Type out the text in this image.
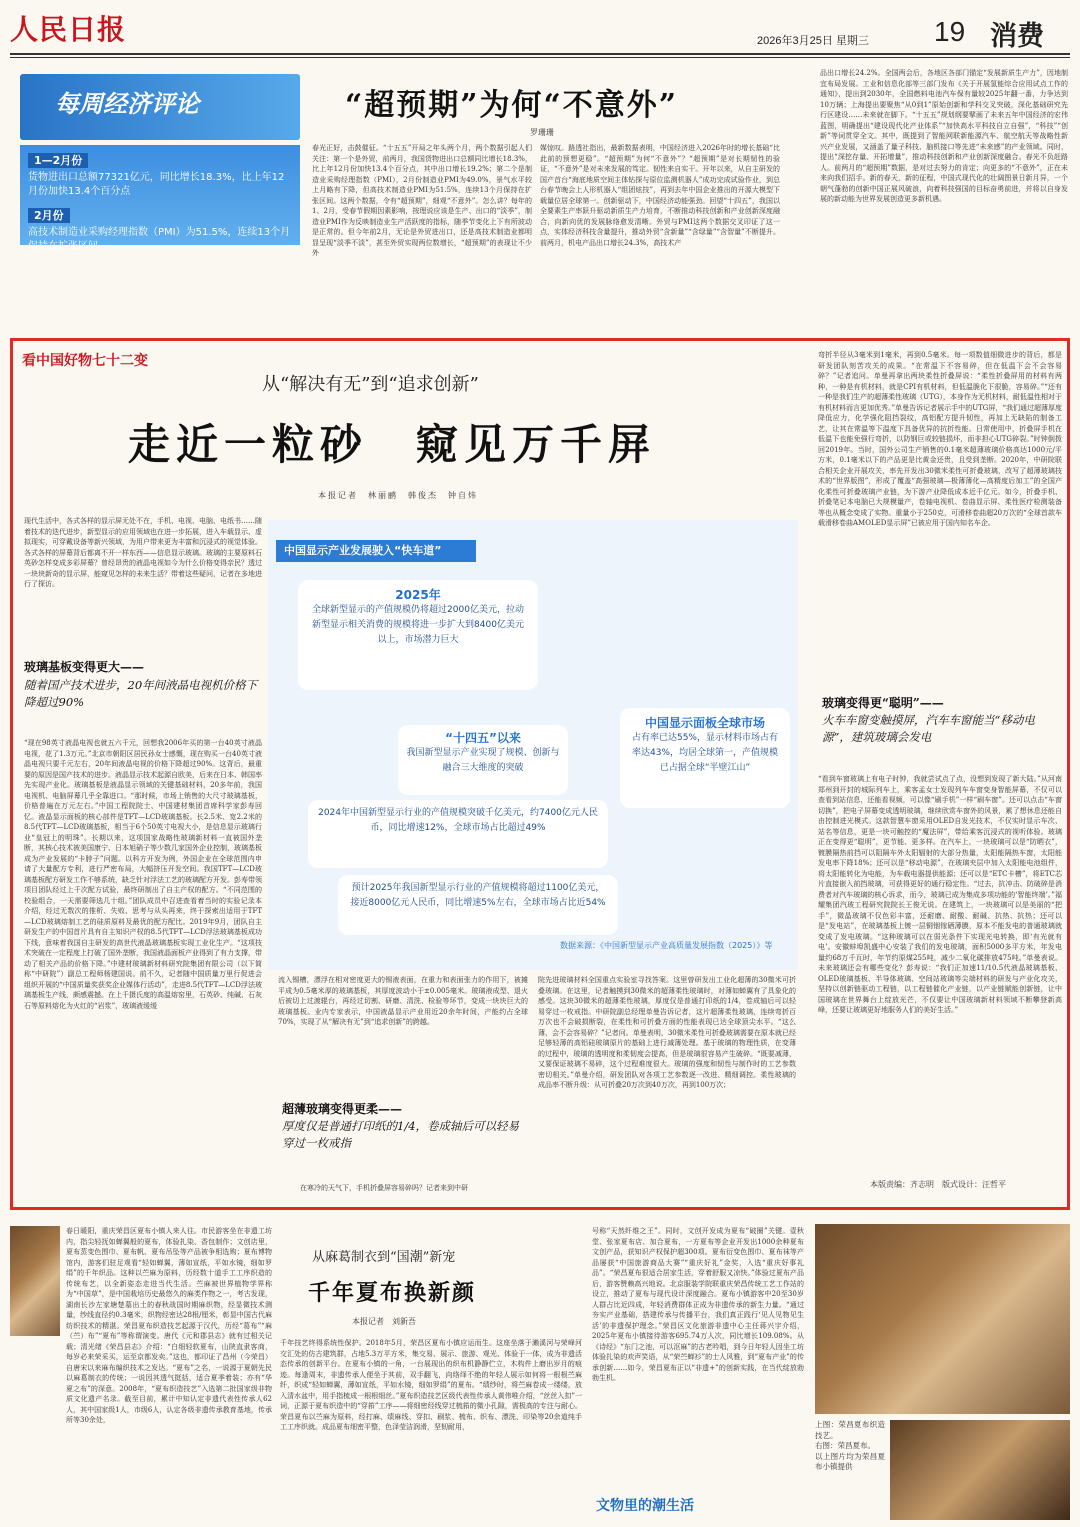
人民日报	2026年3月25日 星期三 19 消费
每周经济评论
1—2月份
货物进出口总额77321亿元，同比增长18.3%，比上年12月份加快13.4个百分点
2月份
高技术制造业采购经理指数（PMI）为51.5%，连续13个月保持在扩张区间
“超预期”为何“不意外”
罗珊珊
春光正好，击鼓催征。“十五五”开局之年头两个月，两个数据引起人们关注：第一个是外贸，前两月，我国货物进出口总额同比增长18.3%，比上年12月份加快13.4个百分点，其中出口增长19.2%；第二个是制造业采购经理指数（PMI），2月份制造业PMI为49.0%，景气水平较上月略有下降，但高技术制造业PMI为51.5%，连续13个月保持在扩张区间。这两个数据，令有“超预期”，细观“不意外”。怎么讲？每年的1、2月，受春节假期因素影响，按理说应该是生产、出口的“淡季”，制造业PMI作为反映制造业生产活跃度的指标，随季节变化上下有所波动是正常的。但今年前2月，无论是外贸进出口，还是高技术制造业都明显呈现“淡季不淡”，甚至外贸实现两位数增长，“超预期”的表现让不少外
媒惊叹。路透社指出，最新数据表明，中国经济进入2026年时的增长基础“比此前的预想更稳”。“超预期”为何“不意外”？“超预期”是对长期韧性的验证，“不意外”是对未来发展的笃定。韧性来自实干。开年以来，从自主研发的国产首台“海底地质空间主体钻探与原位监测机器人”成功完成试验作业，到总台春节晚会上人形机器人“组团炫技”，再到去年中国企业推出的开源大模型下载量位居全球第一。创新驱动下，中国经济动能强劲。回望“十四五”，我国以全要素生产率跃升驱动新质生产力培育，不断推动科技创新和产业创新深度融合，向新向优的发展脉络愈发清晰。外贸与PMI这两个数据交叉印证了这一点，实体经济科技含量提升，推动外贸“含新量”“含绿量”“含智量”不断提升。前两月，机电产品出口增长24.3%，高技术产
品出口增长24.2%。全国两会后，各地区各部门锚定“发展新质生产力”，因地制宜布局发展。工业和信息化部等三部门发布《关于开展氢能综合应用试点工作的通知》，提出到2030年，全国燃料电池汽车保有量较2025年翻一番，力争达到10万辆；上海提出要聚焦“从0到1”原始创新和学科交叉突破，深化基础研究先行区建设……未来就在脚下。“十五五”规划纲要擘画了未来五年中国经济的宏伟蓝图，明确提出“建设现代化产业体系”“加快高水平科技自立自强”，“科技”“创新”等词贯穿全文。其中，既提到了智能网联新能源汽车、航空航天等战略性新兴产业发展，又涵盖了量子科技、脑机接口等先进“未来感”的产业领域。同时，提出“深挖存量、开拓增量”，推动科技创新和产业创新深度融合。春光不负赶路人。前两月的“超预期”数据，是对过去努力的肯定；向更多的“不意外”，正在未来向我们招手。新的春天，新的征程，中国式现代化的壮阔图景日新月异，一个朝气蓬勃的创新中国正展风破浪，向着科技强国的目标奋勇前进，并将以自身发展的新动能为世界发展创造更多新机遇。
看中国好物七十二变
从“解决有无”到“追求创新”
走近一粒砂　窥见万千屏
本报记者　林丽鹂　韩俊杰　钟自炜
现代生活中，各式各样的显示屏无处不在，手机、电视、电脑、电纸书……随着技术的迭代进步，新型显示的应用领域也在进一步拓展，进入车载显示、虚拟现实，可穿戴设备等新兴领域，为用户带来更为丰富和沉浸式的视觉体验。各式各样的屏幕背后都离不开一样东西——信息显示玻璃。玻璃的主要原料石英砂怎样变成多彩屏幕？曾经昂贵的液晶电视如今为什么价格变得亲民？透过一块块新奇的显示屏，能窥见怎样的未来生活？带着这些疑问，记者在多地进行了探访。
玻璃基板变得更大——
随着国产技术进步，20年间液晶电视机价格下降超过90%
“现在98英寸液晶电视也就五六千元，回想我2006年买的第一台40英寸液晶电视，花了1.3万元。”北京市朝阳区居民孙女士感慨，现在购买一台40英寸液晶电视只要千元左右，20年间液晶电视的价格下降超过90%。这背后，最重要的原因是国产技术的进步。液晶显示技术起源自欧美，后来在日本、韩国率先实现产业化。玻璃基板是液晶显示领域的关键基础材料，20多年前，我国电视机、电脑屏幕几乎全靠进口。“那时候，市场上销售的大尺寸玻璃基板，价格普遍在万元左右。”中国工程院院士、中国建材集团首席科学家彭寿回忆。液晶显示面板的核心部件是TFT—LCD玻璃基板。长2.5米、宽2.2米的8.5代TFT—LCD玻璃基板，相当于6个50英寸电视大小，是信息显示玻璃行业“皇冠上的明珠”。长期以来，这项国家战略性玻璃新材料一直被国外垄断，其核心技术被美国康宁、日本旭硝子等少数几家国外企业控制，玻璃基板成为产业发展的“卡脖子”问题。以科方开发为例，外国企业在全球范围内申请了大量配方专利，进行严密布局，大幅挤压开发空间。我国TFT—LCD玻璃基板配方研发工作不够系统，缺乏针对浮法工艺的玻璃配方开发。彭寿带领项目团队经过上千次配方试验，最终研制出了自主产权的配方。“不同范围的校验组合，一天需要筛选几十组。”团队成员中召进查看着当时的实验记录本介绍，经过无数次的推析、失败、思考与从头再来，终于探索出适用于TFT—LCD玻璃熔制工艺的硅质原料及最优的配方配比。2019年9月，团队自主研发生产的中国首片具有自主知识产权的8.5代TFT—LCD浮法玻璃基板成功下线，意味着我国自主研发的高世代液晶玻璃基板实现工业化生产。“这项技术突破在一定程度上打破了国外垄断，我国液晶面板产业得到了有力支撑，带动了相关产品的价格下降。”中建材玻璃新材料研究院集团有限公司（以下简称“中研院”）副总工程师杨建国说。前不久，记者随中国质量万里行促进会组织开展的“中国质量奖获奖企业媒体行活动”，走进8.5代TFT—LCD浮法玻璃基板生产线，颇感震撼。在上千摄氏度的高温熔窑里，石英砂、纯碱、石灰石等原料熔化为火红的“岩浆”，玻璃液缓缓
中国显示产业发展驶入“快车道”
2025年
全球新型显示的产值规模仍将超过2000亿美元，拉动新型显示相关消费的规模将进一步扩大到8400亿美元以上，市场潜力巨大
中国显示面板全球市场
占有率已达55%，显示材料市场占有率达43%，均居全球第一，产值规模已占据全球“半壁江山”
“十四五”以来
我国新型显示产业实现了规模、创新与融合三大维度的突破
2024年中国新型显示行业的产值规模突破千亿美元，约7400亿元人民币，同比增速12%，全球市场占比超过49%
预计2025年我国新型显示行业的产值规模将超过1100亿美元，接近8000亿元人民币，同比增速5%左右，全球市场占比近54%
数据来源：《中国新型显示产业高质量发展指数（2025）》等
流入锡槽，漂浮在相对密度更大的锡液表面，在重力和表面张力的作用下，被摊平成为0.5毫米厚的玻璃基板，其厚度波动小于±0.005毫米。玻璃液成型、退火后被切上过渡辊台，再经过切割、研磨、清洗、检验等环节，变成一块块巨大的玻璃基板。业内专家表示，中国液晶显示产业用近20余年时间，产能约占全球70%，实现了从“解决有无”到“追求创新”的跨越。
超薄玻璃变得更柔——
厚度仅是普通打印纸的1/4，卷成轴后可以轻易穿过一枚戒指
在寒冷的天气下，手机折叠屏容易碎吗？记者来到中研
院先进玻璃材料全国重点实验室寻找答案。这里曾研发出工业化超薄的30微米可折叠玻璃。在这里，记者触摸到30微米的超薄柔性玻璃时，对薄如蝉翼有了具象化的感受。这块30微米的超薄柔性玻璃，厚度仅是普通打印纸的1/4，卷成轴后可以轻易穿过一枚戒指。中研院副总经理单曼告诉记者，这片超薄柔性玻璃，连续弯折百万次也不会破损断裂，在柔性和可折叠方面的性能表现已达全球顶尖水平。“这么薄，会不会容易碎？”记者问。单曼表明，30微米柔性可折叠玻璃需要在原本就已经足够轻薄的高铝硅玻璃原片的基础上进行减薄处理。基于玻璃的物理性质，在变薄的过程中，玻璃的透明度和柔韧度会提高，但是玻璃很容易产生破碎。“既要减薄，又要保证玻璃不易碎，这个过程难度很大。玻璃的强度和韧性与制作时的工艺参数密切相关。”单曼介绍，研发团队对各项工艺参数逐一改进、精细调控。柔性玻璃的成品率不断升级：从可折叠20万次到40万次，再到100万次；
弯折半径从3毫米到1毫米，再到0.5毫米。每一项数值细微进步的背后，都是研发团队刻苦攻关的成果。“在常温下不容易碎，但在低温下会不会容易碎？”记者追问。单曼再拿出两块柔性折叠屏说：“柔性折叠屏用的材料有两种，一种是有机材料，就是CPI有机材料，但低温脆化下很脆，容易碎。”“还有一种是我们生产的超薄柔性玻璃（UTG），本身作为无机材料，耐低温性相对于有机材料而言更加优秀。”单曼告诉记者展示手中的UTG屏，“我们通过超薄厚度降低应力，化学强化阻挡裂纹，高铝配方提升韧性，再加上无缺陷的制备工艺，让其在常温等下温度下具备优异的抗折性能。日常使用中，折叠屏手机在低温下也能免强行弯折，以防钢巨或较链损坏，而非担心UTG碎裂。”时钟倒拨回2019年。当时，国外公司生产销售的0.1毫米超薄玻璃价格高达1000元/平方米，0.1毫米以下的产品更是比黄金还贵，且受到垄断。2020年，中研院联合相关企业开展攻关，率先开发出30微米柔性可折叠玻璃，改写了超薄玻璃技术的“世界版图”，形成了覆盖“高强玻璃—极薄薄化—高精度后加工”的全国产化柔性可折叠玻璃产业链，为下游产业降低成本近千亿元。如今，折叠手机、折叠笔记本电脑已大规模量产，卷轴电视机、卷曲显示屏、柔性医疗检测装备等也从概念变成了实物。重量小于250克，可滑移卷曲超20万次的“全球首款车载滑移卷曲AMOLED显示屏”已被应用于国内知名车企。
玻璃变得更“聪明”——
火车车窗变触摸屏，汽车车窗能当“移动电源”，建筑玻璃会发电
“看到车窗玻璃上有电子时钟，我就尝试点了点，没想到发现了新大陆。”从河南郑州到开封的城际列车上，乘客孟女士发现列车车窗变身智能屏幕，不仅可以查看到站信息，还能看视频，可以像“刷手机”一样“刷车窗”。还可以点击“车窗切换”，把电子屏幕变成透明玻璃，继续欣赏车窗外的风景，累了想休息还能自由控制进光模式。这款智慧车窗采用OLED自发光技术，不仅实时显示车次、站名等信息，更是一块可触控的“魔法屏”，带给乘客沉浸式的视听体验。玻璃正在变得更“聪明”，更节能、更多样。在汽车上，一块玻璃可以是“防晒衣”，镀膜隔热前挡可以阻隔车外太阳辐射的大部分热量，太阳能隔热车窗，太阳能发电率下降18%；还可以是“移动电源”，在玻璃夹层中加入太阳能电池组件，将太阳能转化为电能，为车载电器提供能源；还可以是“ETC卡槽”，将ETC芯片直接嵌入前挡玻璃，可获得更好的通行稳定性。“过去，抗冲击、防破碎是消费者对汽车玻璃的核心诉求，而今，玻璃已成为集成多项功能的‘智能终端’。”福耀集团汽玻工程研究院院长王俊无说。在建筑上，一块玻璃可以是美丽的“把手”，微晶玻璃不仅色彩丰富，还耐磨、耐酸、耐碱、抗热、抗热；还可以是“发电站”，在玻璃基板上镀一层铜铟镓硒薄膜，原本不能发电的普通玻璃就变成了发电玻璃。“这种玻璃可以在弱光条件下实现光电转换，即‘有光就有电’。安徽蚌埠凯盛中心安装了我们的发电玻璃，面积5000多平方米，年发电量约68万千瓦时，年节约原煤255吨，减少二氧化碳排放475吨。”单曼表说。未来玻璃还会有哪些变化？彭寿说：“我们正加速11/10.5代液晶玻璃基板、OLED玻璃基板、半导体玻璃、空间站玻璃等尖端材料的研发与产业化攻关，坚持以创新链驱动工程链，以工程链催化产业链，以产业链赋能创新链，让中国玻璃在世界舞台上绽放光芒，不仅要让中国玻璃新材料领域不断攀登新高峰，还要让玻璃更好地服务人们的美好生活。”
本版责编：齐志明　版式设计：汪哲平
春日暖阳，重庆荣昌区夏布小镇人来人往。市民游客坐在非遗工坊内，指尖轻抚如蝉翼般的夏布，体验扎染、香包制作；文创店里，夏布蒸变色围巾、夏布帆、夏布吊坠等产品被争相选购；夏布博物馆内，游客们驻足观看“轻如蝉翼，薄如宣纸，平如水镜，细如罗绢”的千年织品。这种以苎麻为原料，历经数十道手工工序织造的传统布艺，以全新姿态走进当代生活。苎麻被世界植物学界称为“中国草”，是中国栽培历史最悠久的麻类作物之一，考古发现，湖南长沙左家塘楚墓出土的春秋战国时期麻织物，经显微技术测量，纱线直径约0.3毫米，织物经密达28根/厘米，彰显中国古代麻纺织技术的精湛。荣昌夏布织造技艺起源于汉代，历经“葛布”“麻（苎）布”“夏布”等称谓演变。唐代《元和郡县志》就有过相关记载；清光绪《荣昌县志》介绍：“白细轻软夏布，山陕直隶客商，每岁必来荣采买，运至京都发卖。”这也，都印证了昌州（今荣昌）自唐宋以来麻布编织技术之发达。“夏布”之名，一说源于夏朝先民以麻葛制衣的传统；一说因其透气挺括，适合夏季着装；亦有“华夏之布”的深意。2008年，“夏布织造技艺”入选第二批国家级非物质文化遗产名录。截至目前，累计中知认定非遗代表性传承人62人，其中国家级1人，市级6人，认定各级非遗传承教育基地，传承所等30余处，
从麻葛制衣到“国潮”新宠
千年夏布换新颜
本报记者　刘新吾
千年技艺终得系统性保护。2018年5月，荣昌区夏布小镇应运而生。这座坐落于濑溪河与荣峰河交汇处的仿古建筑群，占地5.3万平方米，集交易、展示、旅游、观光、体验于一体，成为非遗活态传承的创新平台。在夏布小镇的一角，一台展现出的织布机静静伫立，木构件上磨出岁月的痕迹。每逢周末，非遗传承人便坐于其前，双手翻飞，向络绎不绝的年轻人展示如何将一根根苎麻纤，织成“轻如蝉翼，薄如宣纸，平如水镜，细如罗绢”的夏布。“绩纱时，将苎麻卷成一缕缕，放入清水盆中，用手指梳成一根根细丝。”夏布织造技艺区级代表性传承人黄伟唯介绍，“丝丝入扣”一词，正源于夏布织造中的“穿筘”工序——将细密经线穿过梳筘的微小孔隙，需极高的专注与耐心。荣昌夏布以苎麻为原料，经打麻、绩麻线、穿扣、刷浆、梳布、织布、漂洗、印染等20余道纯手工工序织就。成品夏布细密平整，色泽莹洁润滑，坚韧耐用，
号称“天然纤维之王”。同时，文创开发成为夏布“破圈”关键。壹秋堂、张家夏布店、加合夏布，一方夏布等企业开发出1000余种夏布文创产品，获知识产权保护超300项。夏布衍变色围巾、夏布袜等产品屡获“中国旅游商品大赛”“重庆好礼”金奖，入选“重庆好事礼品”。“荣昌夏布很适合居家生活，穿着舒服又凉快。”体验过夏布产品后，游客赞赖高兴地说。北京服装学院联重庆荣昌传统工艺工作站的设立，推动了夏布与现代设计深度融合。夏布小镇游客中20至30岁人群占比近四成，年轻消费群体正成为非遗传承的新生力量。“通过夯实产业基础，搭建传承与传播平台，我们真正践行‘见人见物见生活’的非遗保护理念。”荣昌区文化旅游非遗中心主任蒋兴宇介绍，2025年夏布小镇接待游客695.74万人次，同比增长109.08%。从《诗经》“东门之池，可以沤麻”的古老吟唱，到今日年轻人因坐工坊体验扎染的欢声笑语，从“荣苎蝉衫”的士人风雅，到“夏布产业”的传承创新……如今，荣昌夏布正以“非遗+”的创新实践，在当代绽放勃勃生机。
文物里的潮生活
上图：荣昌夏布织造技艺。
右图：荣昌夏布。
以上图片均为荣昌夏布小镇提供
